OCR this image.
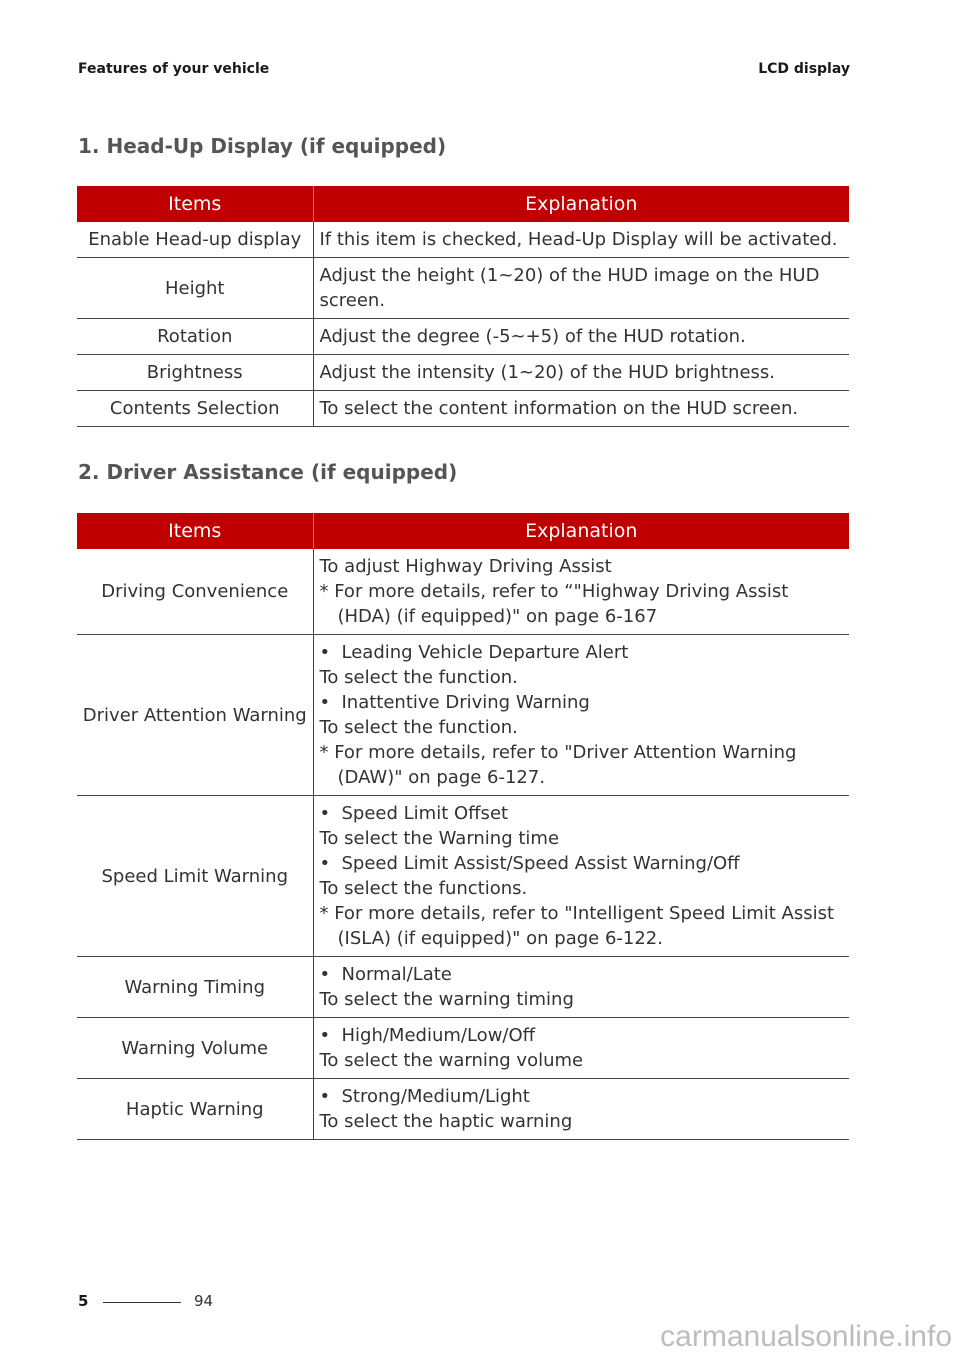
Features of your vehicle	LCD display
1. Head-Up Display (if equipped)
Items	Explanation
Enable Head-up display	If this item is checked, Head-Up Display will be activated.

Height	Adjust the height (1~20) of the HUD image on the HUD screen.

Rotation	Adjust the degree (-5~+5) of the HUD rotation.

Brightness	Adjust the intensity (1~20) of the HUD brightness.

Contents Selection	To select the content information on the HUD screen.
2. Driver Assistance (if equipped)
Items	Explanation
Driving Convenience	To adjust Highway Driving Assist
* For more details, refer to “"Highway Driving Assist (HDA) (if equipped)" on page 6-167

Driver Attention Warning	• Leading Vehicle Departure Alert
To select the function.
• Inattentive Driving Warning
To select the function.
* For more details, refer to "Driver Attention Warning (DAW)" on page 6-127.

Speed Limit Warning	• Speed Limit Offset
To select the Warning time
• Speed Limit Assist/Speed Assist Warning/Off
To select the functions.
* For more details, refer to "Intelligent Speed Limit Assist (ISLA) (if equipped)" on page 6-122.

Warning Timing	• Normal/Late
To select the warning timing

Warning Volume	• High/Medium/Low/Off
To select the warning volume

Haptic Warning	• Strong/Medium/Light
To select the haptic warning
5	94
carmanualsonline.info
